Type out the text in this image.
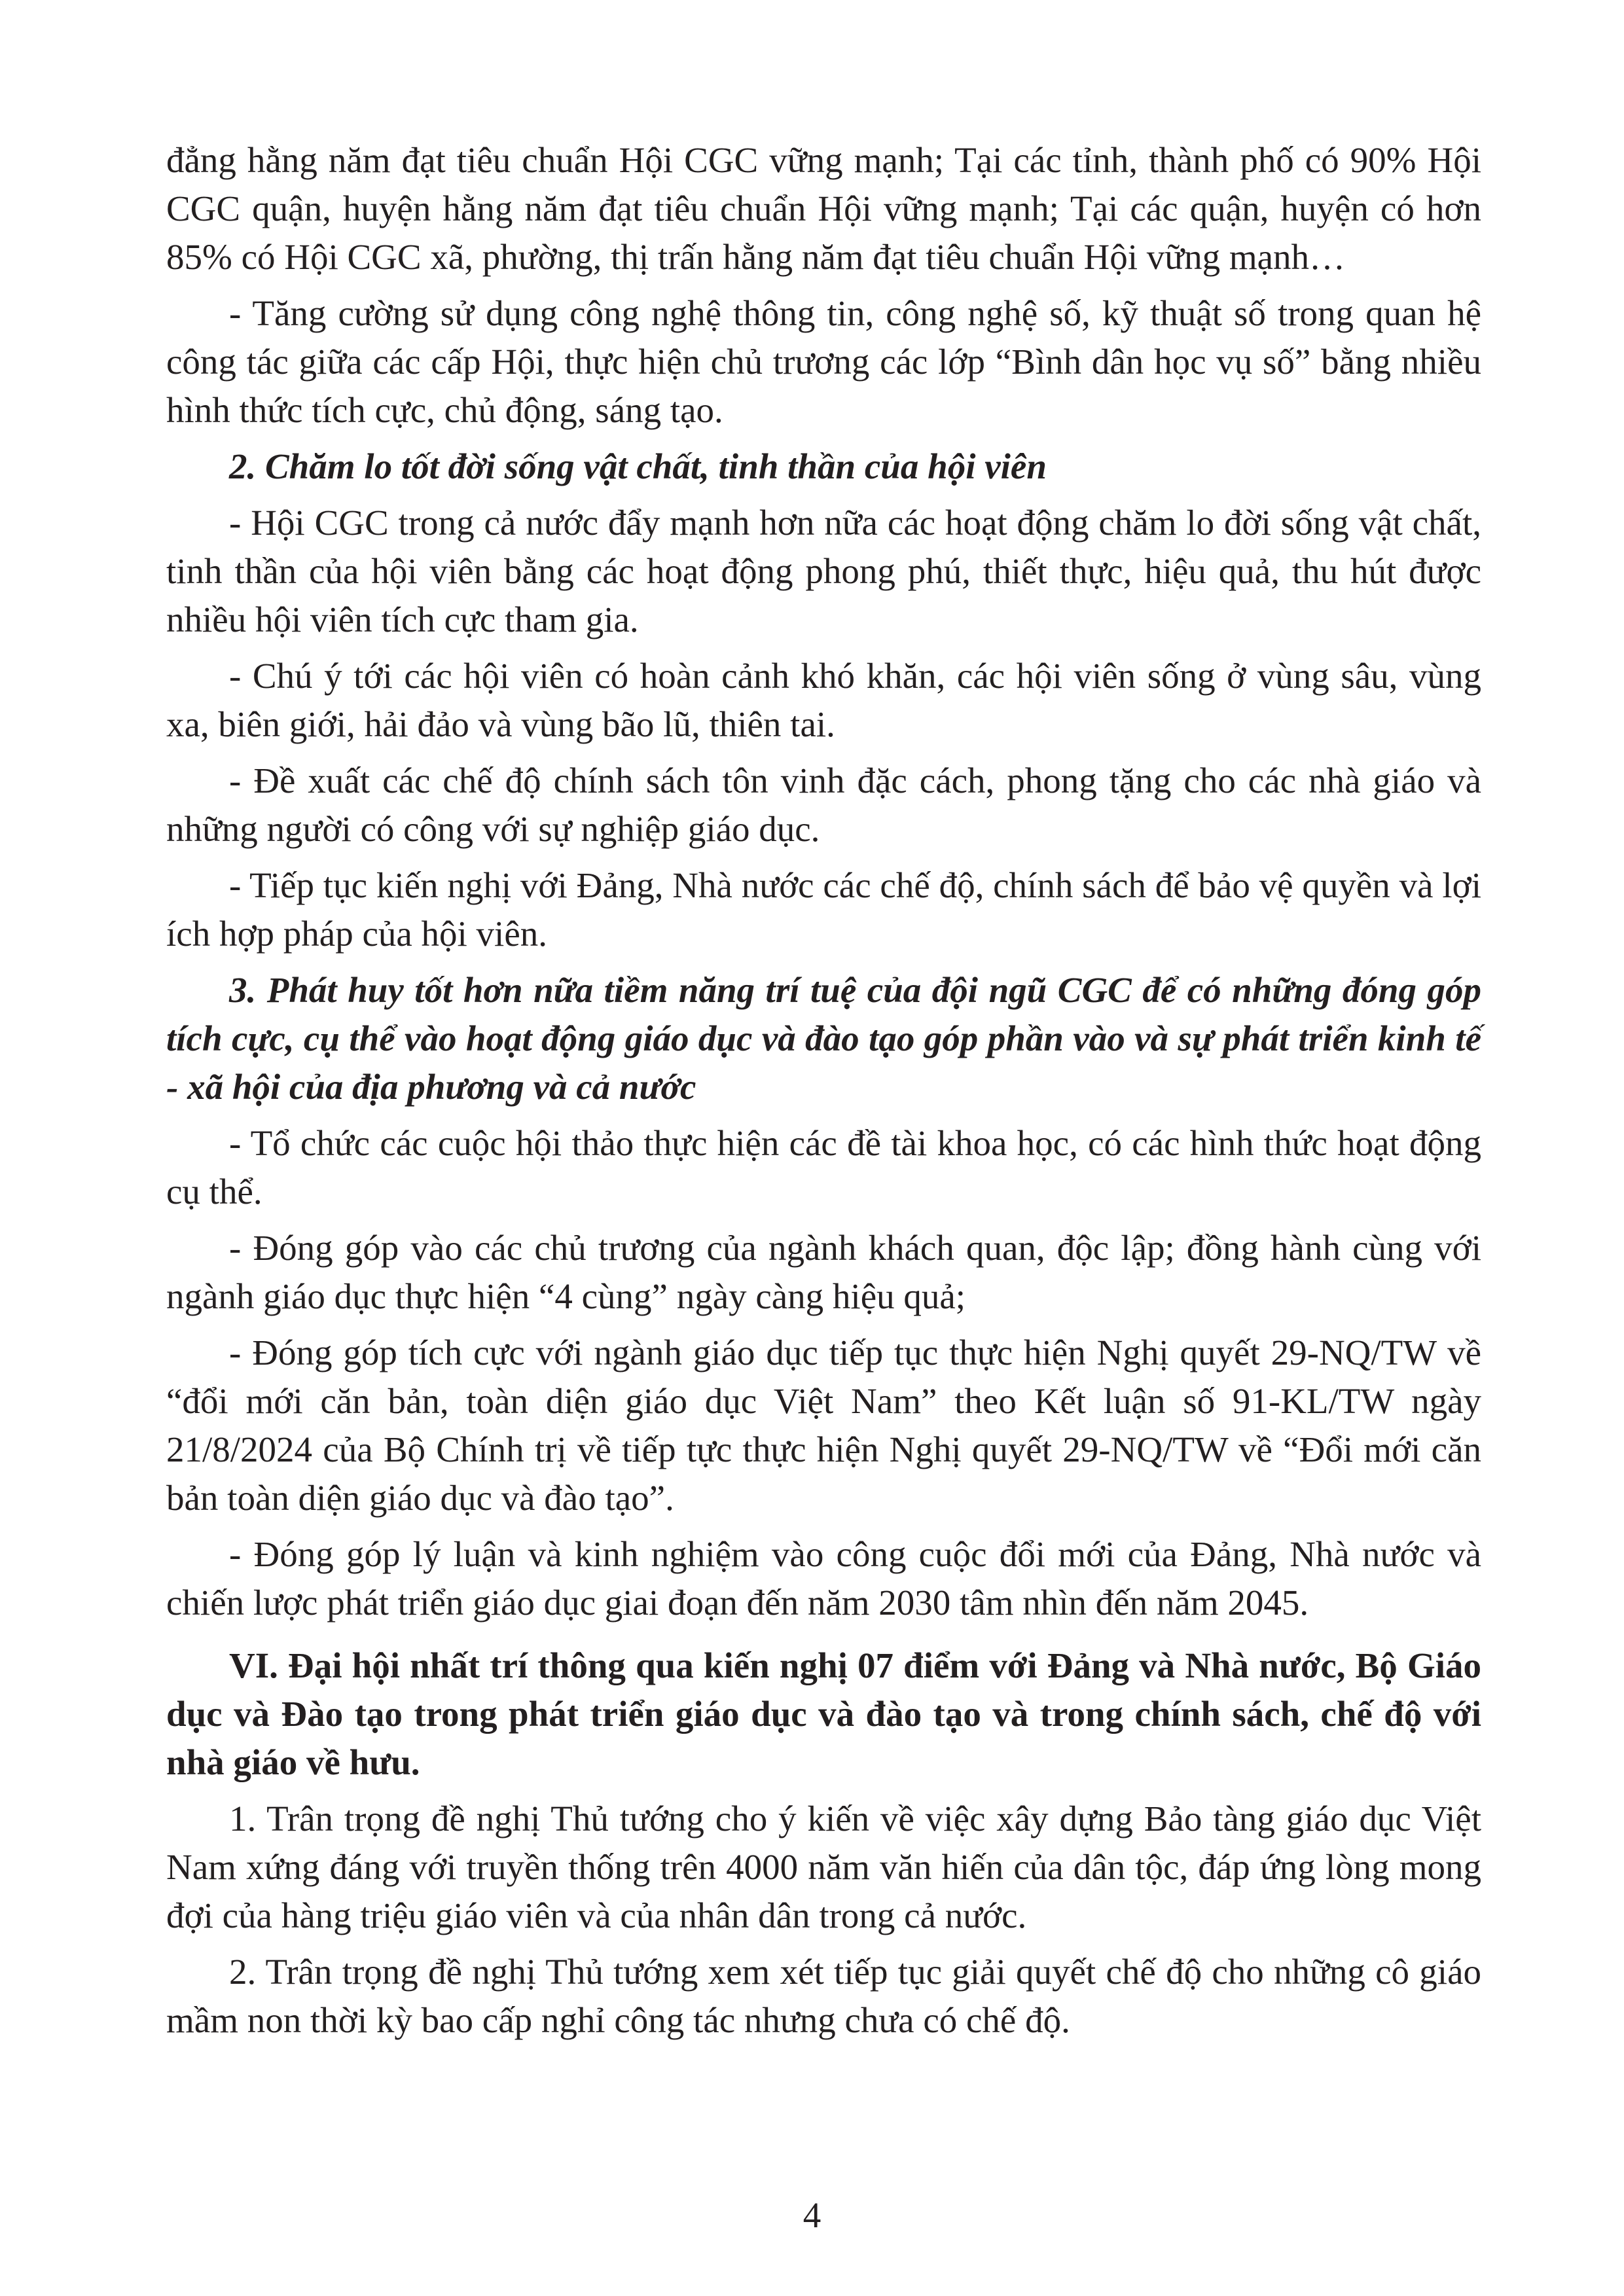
đẳng hằng năm đạt tiêu chuẩn Hội CGC vững mạnh; Tại các tỉnh, thành phố có 90% Hội CGC quận, huyện hằng năm đạt tiêu chuẩn Hội vững mạnh; Tại các quận, huyện có hơn 85% có Hội CGC xã, phường, thị trấn hằng năm đạt tiêu chuẩn Hội vững mạnh…

- Tăng cường sử dụng công nghệ thông tin, công nghệ số, kỹ thuật số trong quan hệ công tác giữa các cấp Hội, thực hiện chủ trương các lớp “Bình dân học vụ số” bằng nhiều hình thức tích cực, chủ động, sáng tạo.

2. Chăm lo tốt đời sống vật chất, tinh thần của hội viên

- Hội CGC trong cả nước đẩy mạnh hơn nữa các hoạt động chăm lo đời sống vật chất, tinh thần của hội viên bằng các hoạt động phong phú, thiết thực, hiệu quả, thu hút được nhiều hội viên tích cực tham gia.

- Chú ý tới các hội viên có hoàn cảnh khó khăn, các hội viên sống ở vùng sâu, vùng xa, biên giới, hải đảo và vùng bão lũ, thiên tai.

- Đề xuất các chế độ chính sách tôn vinh đặc cách, phong tặng cho các nhà giáo và những người có công với sự nghiệp giáo dục.

- Tiếp tục kiến nghị với Đảng, Nhà nước các chế độ, chính sách để bảo vệ quyền và lợi ích hợp pháp của hội viên.

3. Phát huy tốt hơn nữa tiềm năng trí tuệ của đội ngũ CGC để có những đóng góp tích cực, cụ thể vào hoạt động giáo dục và đào tạo góp phần vào và sự phát triển kinh tế - xã hội của địa phương và cả nước

- Tổ chức các cuộc hội thảo thực hiện các đề tài khoa học, có các hình thức hoạt động cụ thể.

- Đóng góp vào các chủ trương của ngành khách quan, độc lập; đồng hành cùng với ngành giáo dục thực hiện “4 cùng” ngày càng hiệu quả;

- Đóng góp tích cực với ngành giáo dục tiếp tục thực hiện Nghị quyết 29-NQ/TW về “đổi mới căn bản, toàn diện giáo dục Việt Nam” theo Kết luận số 91-KL/TW ngày 21/8/2024 của Bộ Chính trị về tiếp tực thực hiện Nghị quyết 29-NQ/TW về “Đổi mới căn bản toàn diện giáo dục và đào tạo”.

- Đóng góp lý luận và kinh nghiệm vào công cuộc đổi mới của Đảng, Nhà nước và chiến lược phát triển giáo dục giai đoạn đến năm 2030 tâm nhìn đến năm 2045.

VI. Đại hội nhất trí thông qua kiến nghị 07 điểm với Đảng và Nhà nước, Bộ Giáo dục và Đào tạo trong phát triển giáo dục và đào tạo và trong chính sách, chế độ với nhà giáo về hưu.

1. Trân trọng đề nghị Thủ tướng cho ý kiến về việc xây dựng Bảo tàng giáo dục Việt Nam xứng đáng với truyền thống trên 4000 năm văn hiến của dân tộc, đáp ứng lòng mong đợi của hàng triệu giáo viên và của nhân dân trong cả nước.

2. Trân trọng đề nghị Thủ tướng xem xét tiếp tục giải quyết chế độ cho những cô giáo mầm non thời kỳ bao cấp nghỉ công tác nhưng chưa có chế độ.

4
